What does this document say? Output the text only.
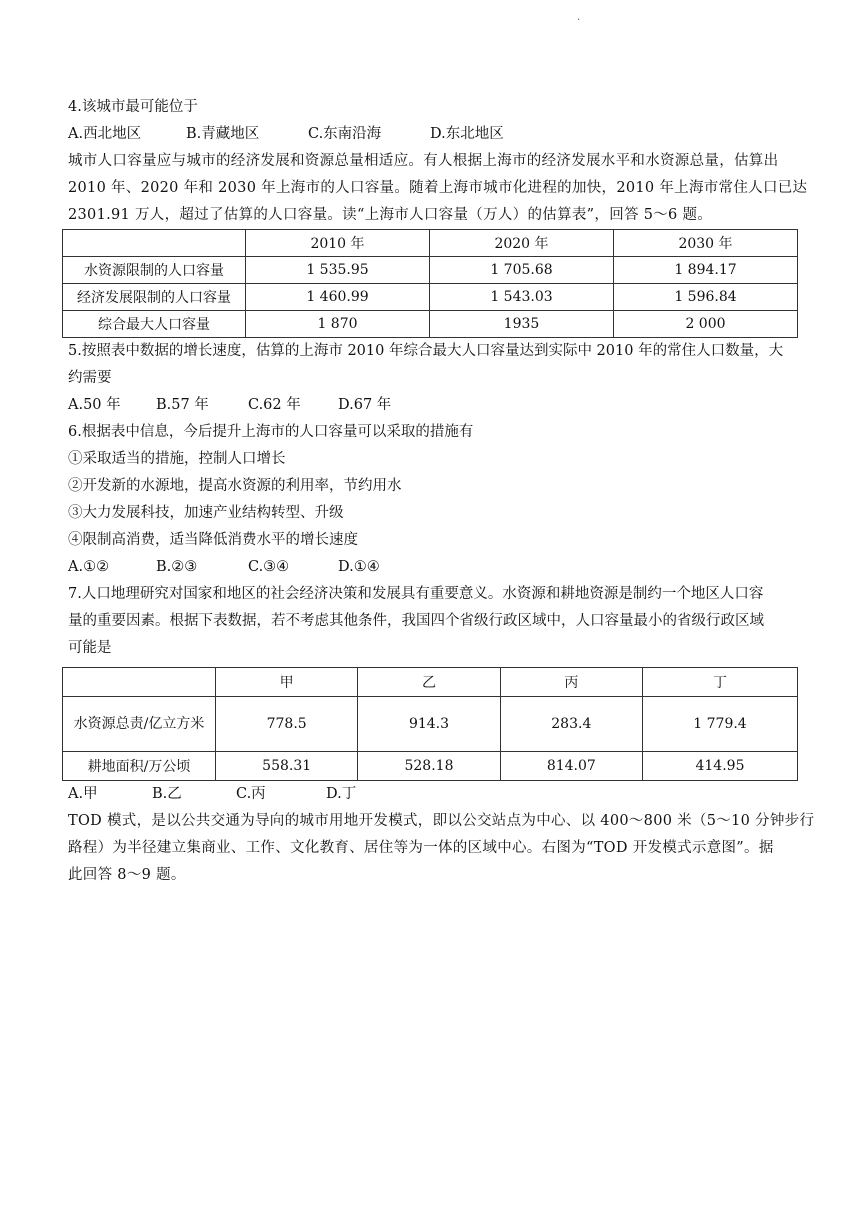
.
4.该城市最可能位于
A.西北地区	B.青藏地区	C.东南沿海	D.东北地区
城市人口容量应与城市的经济发展和资源总量相适应。有人根据上海市的经济发展水平和水资源总量，估算出
2010 年、2020 年和 2030 年上海市的人口容量。随着上海市城市化进程的加快，2010 年上海市常住人口已达
2301.91 万人，超过了估算的人口容量。读“上海市人口容量（万人）的估算表”，回答 5～6 题。
	2010 年	2020 年	2030 年
水资源限制的人口容量	1 535.95	1 705.68	1 894.17
经济发展限制的人口容量	1 460.99	1 543.03	1 596.84
综合最大人口容量	1 870	1935	2 000
5.按照表中数据的增长速度，估算的上海市 2010 年综合最大人口容量达到实际中 2010 年的常住人口数量，大
约需要
A.50 年	B.57 年	C.62 年	D.67 年
6.根据表中信息，今后提升上海市的人口容量可以采取的措施有
①采取适当的措施，控制人口增长
②开发新的水源地，提高水资源的利用率，节约用水
③大力发展科技，加速产业结构转型、升级
④限制高消费，适当降低消费水平的增长速度
A.①②	B.②③	C.③④	D.①④
7.人口地理研究对国家和地区的社会经济决策和发展具有重要意义。水资源和耕地资源是制约一个地区人口容
量的重要因素。根据下表数据，若不考虑其他条件，我国四个省级行政区域中，人口容量最小的省级行政区域
可能是
	甲	乙	丙	丁
水资源总责/亿立方米	778.5	914.3	283.4	1 779.4
耕地面积/万公顷	558.31	528.18	814.07	414.95
A.甲	B.乙	C.丙	D.丁
TOD 模式，是以公共交通为导向的城市用地开发模式，即以公交站点为中心、以 400～800 米（5～10 分钟步行
路程）为半径建立集商业、工作、文化教育、居住等为一体的区域中心。右图为“TOD 开发模式示意图”。据
此回答 8～9 题。
